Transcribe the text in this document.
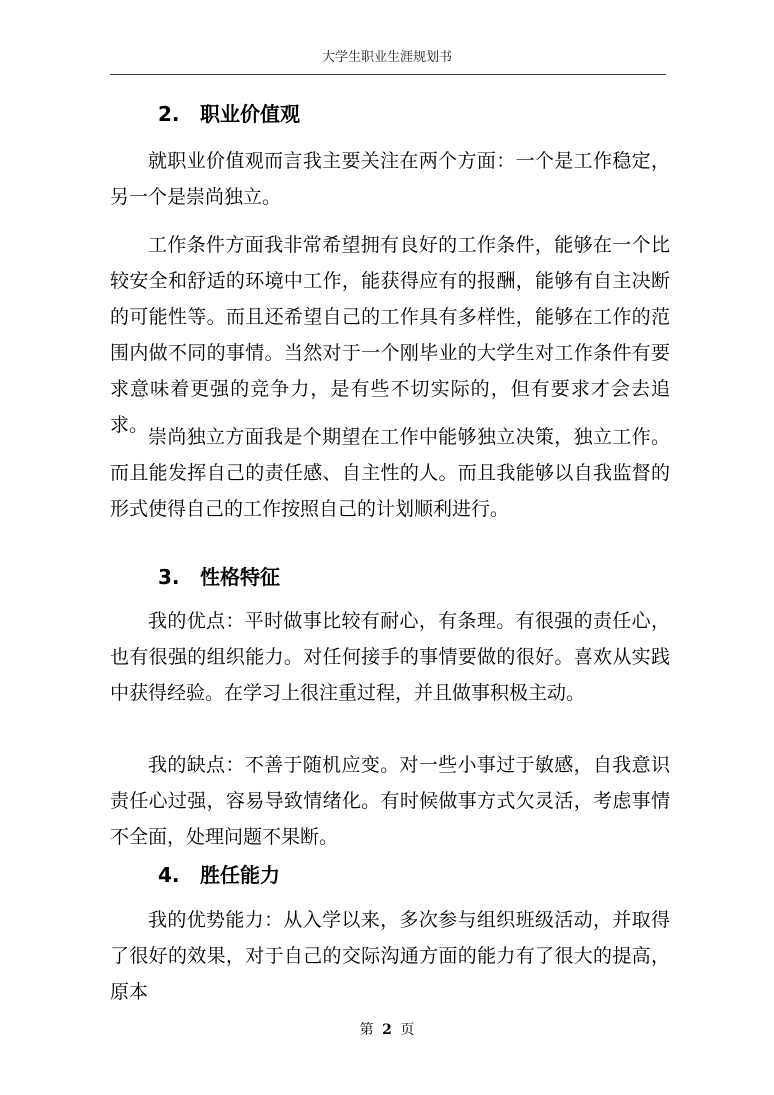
大学生职业生涯规划书
2. 职业价值观

就职业价值观而言我主要关注在两个方面：一个是工作稳定，另一个是崇尚独立。

工作条件方面我非常希望拥有良好的工作条件，能够在一个比较安全和舒适的环境中工作，能获得应有的报酬，能够有自主决断的可能性等。而且还希望自己的工作具有多样性，能够在工作的范围内做不同的事情。当然对于一个刚毕业的大学生对工作条件有要求意味着更强的竞争力，是有些不切实际的，但有要求才会去追求。

崇尚独立方面我是个期望在工作中能够独立决策，独立工作。而且能发挥自己的责任感、自主性的人。而且我能够以自我监督的形式使得自己的工作按照自己的计划顺利进行。

3. 性格特征

我的优点：平时做事比较有耐心，有条理。有很强的责任心，也有很强的组织能力。对任何接手的事情要做的很好。喜欢从实践中获得经验。在学习上很注重过程，并且做事积极主动。

我的缺点：不善于随机应变。对一些小事过于敏感，自我意识责任心过强，容易导致情绪化。有时候做事方式欠灵活，考虑事情不全面，处理问题不果断。

4. 胜任能力

我的优势能力：从入学以来，多次参与组织班级活动，并取得了很好的效果，对于自己的交际沟通方面的能力有了很大的提高，原本

第 2 页
